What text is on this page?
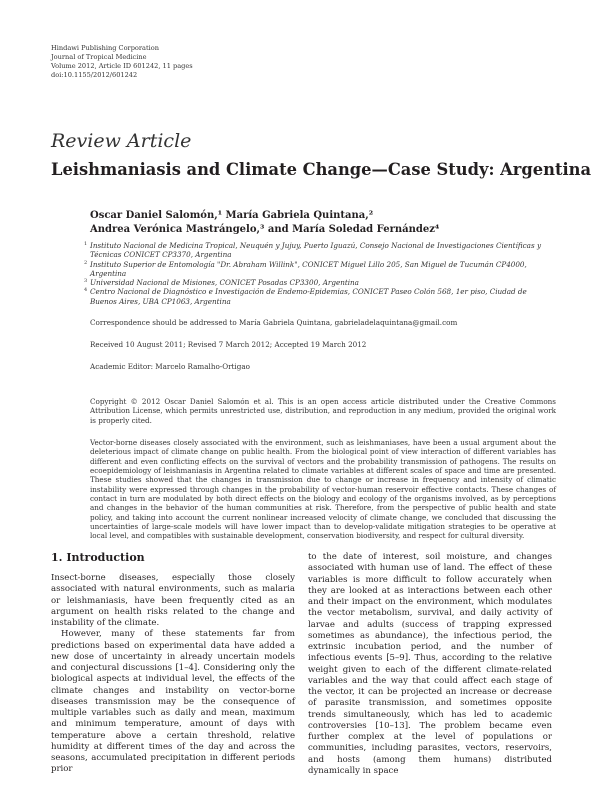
Hindawi Publishing Corporation
Journal of Tropical Medicine
Volume 2012, Article ID 601242, 11 pages
doi:10.1155/2012/601242
Review Article
Leishmaniasis and Climate Change—Case Study: Argentina
Oscar Daniel Salomón,¹ María Gabriela Quintana,²
Andrea Verónica Mastrángelo,³ and María Soledad Fernández⁴
1 Instituto Nacional de Medicina Tropical, Neuquén y Jujuy, Puerto Iguazú, Consejo Nacional de Investigaciones Científicas y Técnicas CONICET CP3370, Argentina
2 Instituto Superior de Entomología "Dr. Abraham Willink", CONICET Miguel Lillo 205, San Miguel de Tucumán CP4000, Argentina
3 Universidad Nacional de Misiones, CONICET Posadas CP3300, Argentina
4 Centro Nacional de Diagnóstico e Investigación de Endemo-Epidemias, CONICET Paseo Colón 568, 1er piso, Ciudad de Buenos Aires, UBA CP1063, Argentina
Correspondence should be addressed to María Gabriela Quintana, gabrieladelaquintana@gmail.com
Received 10 August 2011; Revised 7 March 2012; Accepted 19 March 2012
Academic Editor: Marcelo Ramalho-Ortigao
Copyright © 2012 Oscar Daniel Salomón et al. This is an open access article distributed under the Creative Commons Attribution License, which permits unrestricted use, distribution, and reproduction in any medium, provided the original work is properly cited.
Vector-borne diseases closely associated with the environment, such as leishmaniases, have been a usual argument about the deleterious impact of climate change on public health. From the biological point of view interaction of different variables has different and even conflicting effects on the survival of vectors and the probability transmission of pathogens. The results on ecoepidemiology of leishmaniasis in Argentina related to climate variables at different scales of space and time are presented. These studies showed that the changes in transmission due to change or increase in frequency and intensity of climatic instability were expressed through changes in the probability of vector-human reservoir effective contacts. These changes of contact in turn are modulated by both direct effects on the biology and ecology of the organisms involved, as by perceptions and changes in the behavior of the human communities at risk. Therefore, from the perspective of public health and state policy, and taking into account the current nonlinear increased velocity of climate change, we concluded that discussing the uncertainties of large-scale models will have lower impact than to develop-validate mitigation strategies to be operative at local level, and compatibles with sustainable development, conservation biodiversity, and respect for cultural diversity.
1. Introduction

Insect-borne diseases, especially those closely associated with natural environments, such as malaria or leishmaniasis, have been frequently cited as an argument on health risks related to the change and instability of the climate.

However, many of these statements far from predictions based on experimental data have added a new dose of uncertainty in already uncertain models and conjectural discussions [1–4]. Considering only the biological aspects at individual level, the effects of the climate changes and instability on vector-borne diseases transmission may be the consequence of multiple variables such as daily and mean, maximum and minimum temperature, amount of days with temperature above a certain threshold, relative humidity at different times of the day and across the seasons, accumulated precipitation in different periods prior

to the date of interest, soil moisture, and changes associated with human use of land. The effect of these variables is more difficult to follow accurately when they are looked at as interactions between each other and their impact on the environment, which modulates the vector metabolism, survival, and daily activity of larvae and adults (success of trapping expressed sometimes as abundance), the infectious period, the extrinsic incubation period, and the number of infectious events [5–9]. Thus, according to the relative weight given to each of the different climate-related variables and the way that could affect each stage of the vector, it can be projected an increase or decrease of parasite transmission, and sometimes opposite trends simultaneously, which has led to academic controversies [10–13]. The problem became even further complex at the level of populations or communities, including parasites, vectors, reservoirs, and hosts (among them humans) distributed dynamically in space
